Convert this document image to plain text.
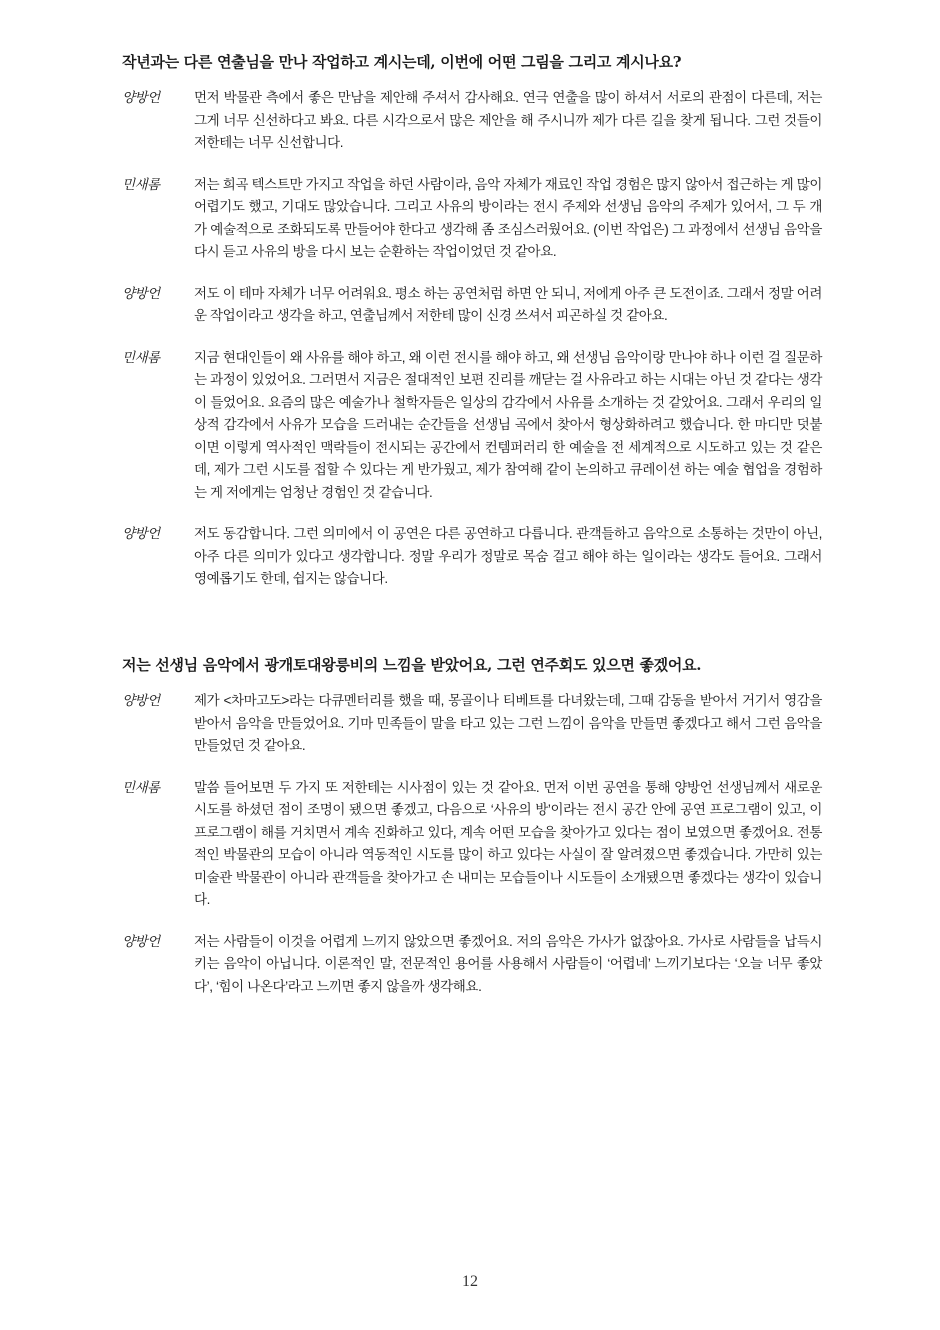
작년과는 다른 연출님을 만나 작업하고 계시는데, 이번에 어떤 그림을 그리고 계시나요?
양방언	먼저 박물관 측에서 좋은 만남을 제안해 주셔서 감사해요. 연극 연출을 많이 하셔서 서로의 관점이 다른데, 저는 그게 너무 신선하다고 봐요. 다른 시각으로서 많은 제안을 해 주시니까 제가 다른 길을 찾게 됩니다. 그런 것들이 저한테는 너무 신선합니다.

민새롬	저는 희곡 텍스트만 가지고 작업을 하던 사람이라, 음악 자체가 재료인 작업 경험은 많지 않아서 접근하는 게 많이 어렵기도 했고, 기대도 많았습니다. 그리고 사유의 방이라는 전시 주제와 선생님 음악의 주제가 있어서, 그 두 개가 예술적으로 조화되도록 만들어야 한다고 생각해 좀 조심스러웠어요. (이번 작업은) 그 과정에서 선생님 음악을 다시 듣고 사유의 방을 다시 보는 순환하는 작업이었던 것 같아요.

양방언	저도 이 테마 자체가 너무 어려워요. 평소 하는 공연처럼 하면 안 되니, 저에게 아주 큰 도전이죠. 그래서 정말 어려운 작업이라고 생각을 하고, 연출님께서 저한테 많이 신경 쓰셔서 피곤하실 것 같아요.

민새롬	지금 현대인들이 왜 사유를 해야 하고, 왜 이런 전시를 해야 하고, 왜 선생님 음악이랑 만나야 하나 이런 걸 질문하는 과정이 있었어요. 그러면서 지금은 절대적인 보편 진리를 깨닫는 걸 사유라고 하는 시대는 아닌 것 같다는 생각이 들었어요. 요즘의 많은 예술가나 철학자들은 일상의 감각에서 사유를 소개하는 것 같았어요. 그래서 우리의 일상적 감각에서 사유가 모습을 드러내는 순간들을 선생님 곡에서 찾아서 형상화하려고 했습니다. 한 마디만 덧붙이면 이렇게 역사적인 맥락들이 전시되는 공간에서 컨템퍼러리 한 예술을 전 세계적으로 시도하고 있는 것 같은데, 제가 그런 시도를 접할 수 있다는 게 반가웠고, 제가 참여해 같이 논의하고 큐레이션 하는 예술 협업을 경험하는 게 저에게는 엄청난 경험인 것 같습니다.

양방언	저도 동감합니다. 그런 의미에서 이 공연은 다른 공연하고 다릅니다. 관객들하고 음악으로 소통하는 것만이 아닌, 아주 다른 의미가 있다고 생각합니다. 정말 우리가 정말로 목숨 걸고 해야 하는 일이라는 생각도 들어요. 그래서 영예롭기도 한데, 쉽지는 않습니다.

저는 선생님 음악에서 광개토대왕릉비의 느낌을 받았어요, 그런 연주회도 있으면 좋겠어요.
양방언	제가 <차마고도>라는 다큐멘터리를 했을 때, 몽골이나 티베트를 다녀왔는데, 그때 감동을 받아서 거기서 영감을 받아서 음악을 만들었어요. 기마 민족들이 말을 타고 있는 그런 느낌이 음악을 만들면 좋겠다고 해서 그런 음악을 만들었던 것 같아요.

민새롬	말씀 들어보면 두 가지 또 저한테는 시사점이 있는 것 같아요. 먼저 이번 공연을 통해 양방언 선생님께서 새로운 시도를 하셨던 점이 조명이 됐으면 좋겠고, 다음으로 ‘사유의 방’이라는 전시 공간 안에 공연 프로그램이 있고, 이 프로그램이 해를 거치면서 계속 진화하고 있다, 계속 어떤 모습을 찾아가고 있다는 점이 보였으면 좋겠어요. 전통적인 박물관의 모습이 아니라 역동적인 시도를 많이 하고 있다는 사실이 잘 알려졌으면 좋겠습니다. 가만히 있는 미술관 박물관이 아니라 관객들을 찾아가고 손 내미는 모습들이나 시도들이 소개됐으면 좋겠다는 생각이 있습니다.

양방언	저는 사람들이 이것을 어렵게 느끼지 않았으면 좋겠어요. 저의 음악은 가사가 없잖아요. 가사로 사람들을 납득시키는 음악이 아닙니다. 이론적인 말, 전문적인 용어를 사용해서 사람들이 ‘어렵네’ 느끼기보다는 ‘오늘 너무 좋았다’, ‘힘이 나온다’라고 느끼면 좋지 않을까 생각해요.

12
